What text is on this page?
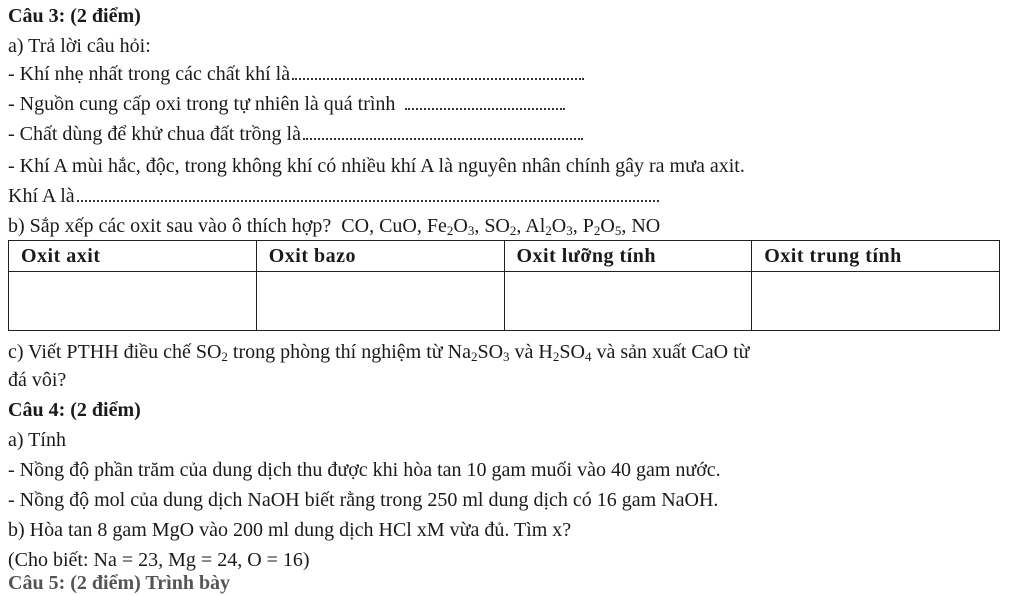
Câu 3: (2 điểm)
a) Trả lời câu hỏi:
- Khí nhẹ nhất trong các chất khí là
- Nguồn cung cấp oxi trong tự nhiên là quá trình
- Chất dùng để khử chua đất trồng là
- Khí A mùi hắc, độc, trong không khí có nhiều khí A là nguyên nhân chính gây ra mưa axit.
Khí A là
b) Sắp xếp các oxit sau vào ô thích hợp? CO, CuO, $Fe_2O_3$, $SO_2$, $Al_2O_3$, $P_2O_5$, NO
Oxit axit	Oxit bazo	Oxit lưỡng tính	Oxit trung tính

c) Viết PTHH điều chế $SO_2$ trong phòng thí nghiệm từ $Na_2SO_3$ và $H_2SO_4$ và sản xuất CaO từ
đá vôi?
Câu 4: (2 điểm)
a) Tính
- Nồng độ phần trăm của dung dịch thu được khi hòa tan 10 gam muối vào 40 gam nước.
- Nồng độ mol của dung dịch NaOH biết rằng trong 250 ml dung dịch có 16 gam NaOH.
b) Hòa tan 8 gam MgO vào 200 ml dung dịch HCl xM vừa đủ. Tìm x?
(Cho biết: Na = 23, Mg = 24, O = 16)
Câu 5: (2 điểm) Trình bày
